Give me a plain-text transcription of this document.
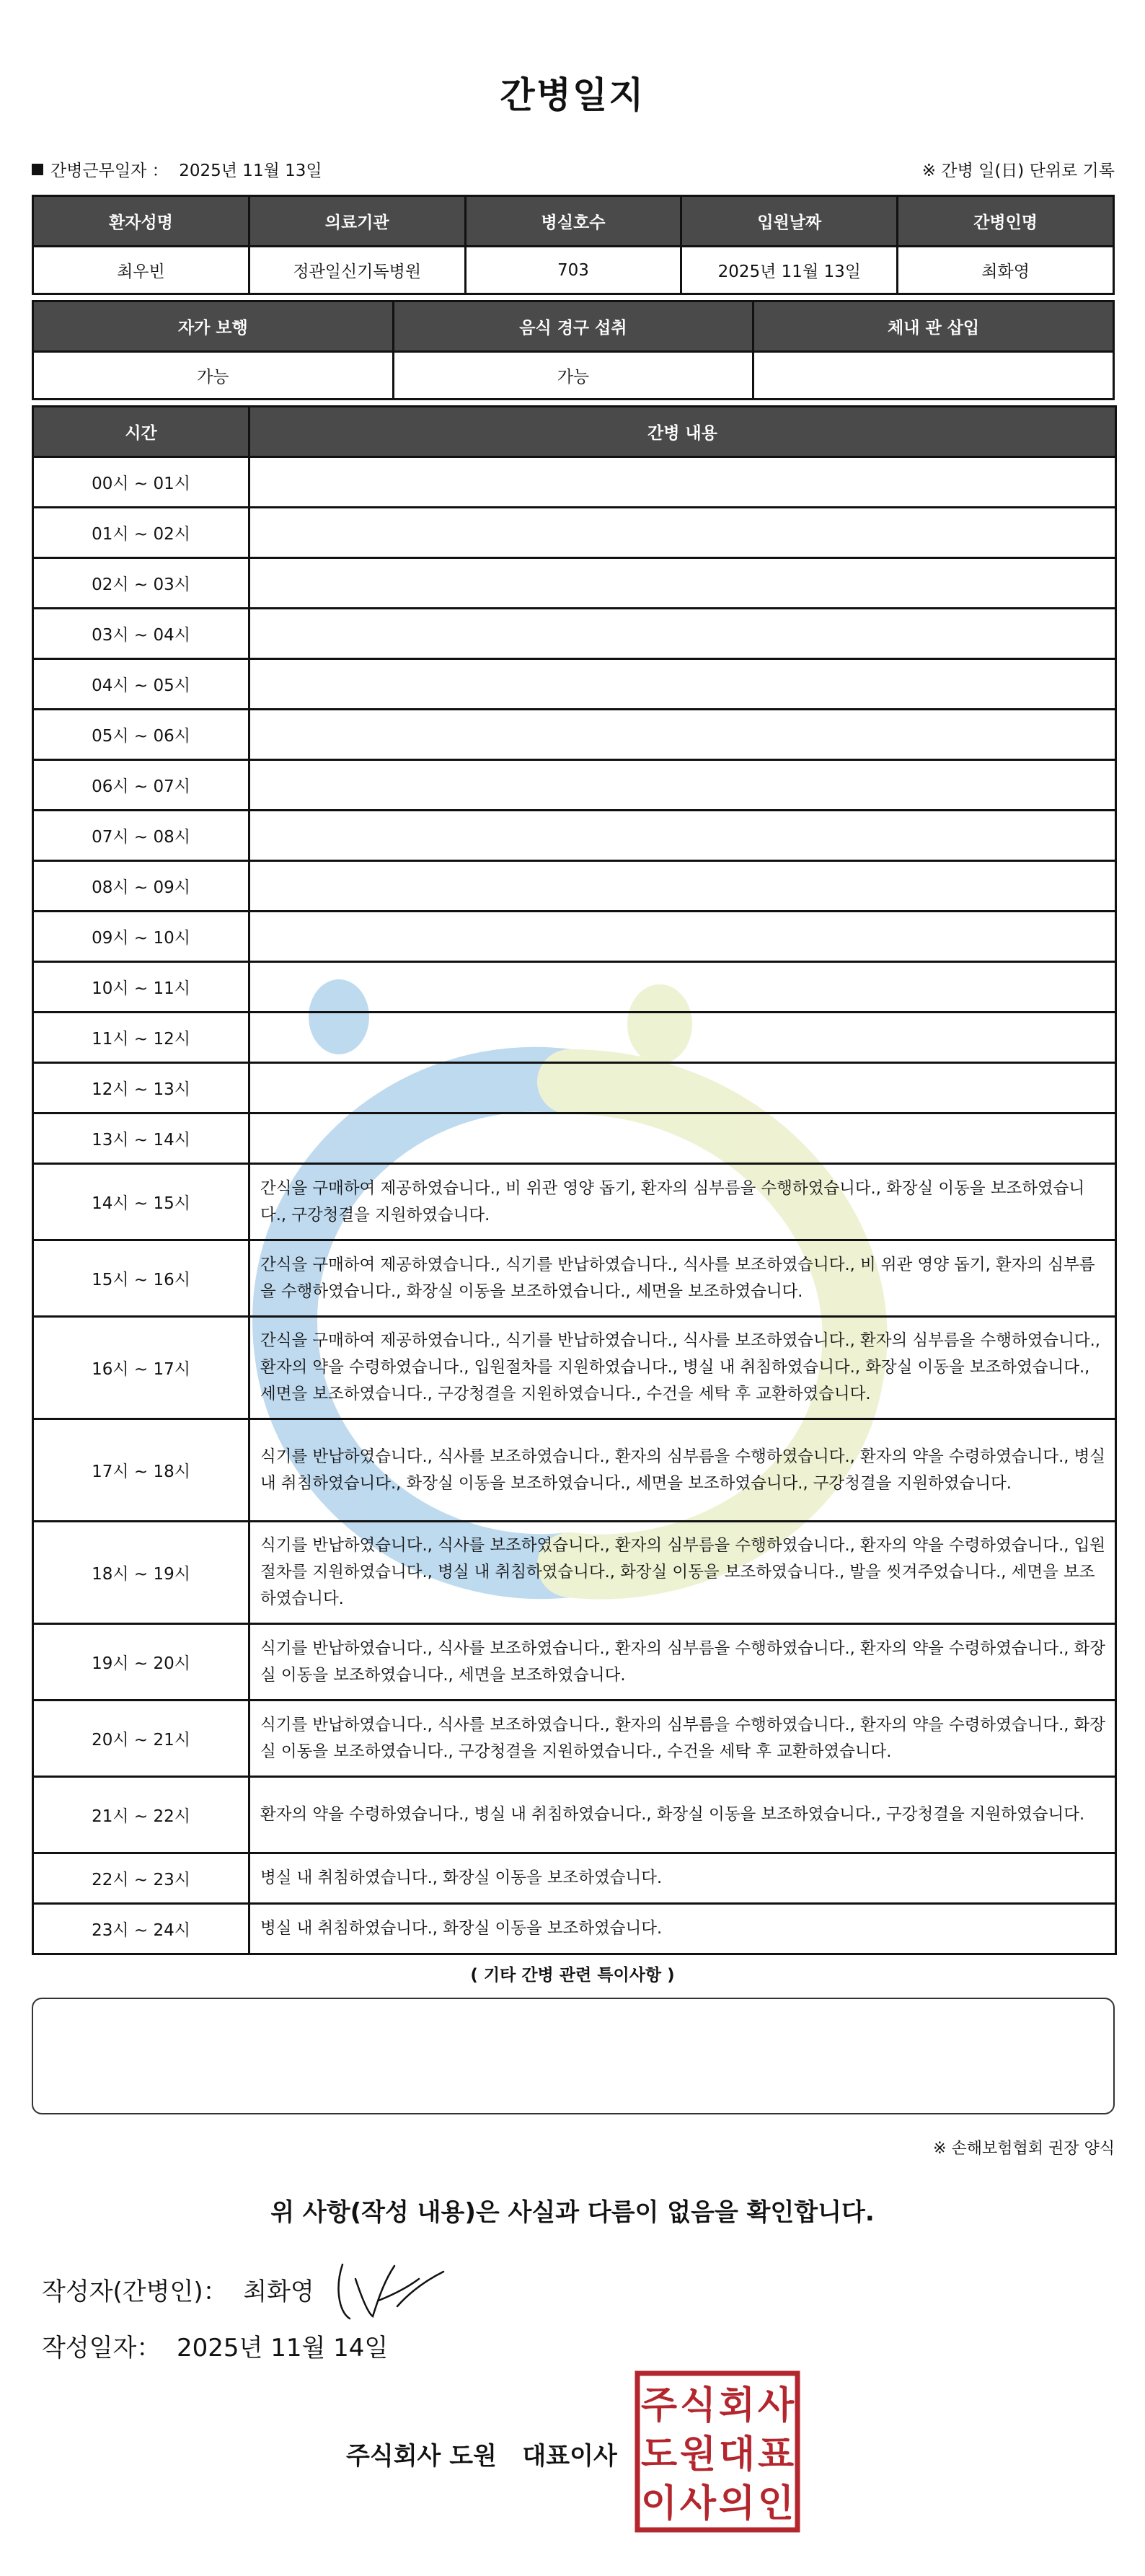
간병일지
간병근무일자 ： 2025년 11월 13일	※ 간병 일(日) 단위로 기록
환자성명	의료기관	병실호수	입원날짜	간병인명
최우빈	정관일신기독병원	703	2025년 11월 13일	최화영
자가 보행	음식 경구 섭취	체내 관 삽입
가능	가능	
시간	간병 내용
00시 ~ 01시	
01시 ~ 02시	
02시 ~ 03시	
03시 ~ 04시	
04시 ~ 05시	
05시 ~ 06시	
06시 ~ 07시	
07시 ~ 08시	
08시 ~ 09시	
09시 ~ 10시	
10시 ~ 11시	
11시 ~ 12시	
12시 ~ 13시	
13시 ~ 14시	
14시 ~ 15시	간식을 구매하여 제공하였습니다., 비 위관 영양 돕기, 환자의 심부름을 수행하였습니다., 화장실 이동을 보조하였습니다., 구강청결을 지원하였습니다.
15시 ~ 16시	간식을 구매하여 제공하였습니다., 식기를 반납하였습니다., 식사를 보조하였습니다., 비 위관 영양 돕기, 환자의 심부름을 수행하였습니다., 화장실 이동을 보조하였습니다., 세면을 보조하였습니다.
16시 ~ 17시	간식을 구매하여 제공하였습니다., 식기를 반납하였습니다., 식사를 보조하였습니다., 환자의 심부름을 수행하였습니다., 환자의 약을 수령하였습니다., 입원절차를 지원하였습니다., 병실 내 취침하였습니다., 화장실 이동을 보조하였습니다., 세면을 보조하였습니다., 구강청결을 지원하였습니다., 수건을 세탁 후 교환하였습니다.
17시 ~ 18시	식기를 반납하였습니다., 식사를 보조하였습니다., 환자의 심부름을 수행하였습니다., 환자의 약을 수령하였습니다., 병실 내 취침하였습니다., 화장실 이동을 보조하였습니다., 세면을 보조하였습니다., 구강청결을 지원하였습니다.
18시 ~ 19시	식기를 반납하였습니다., 식사를 보조하였습니다., 환자의 심부름을 수행하였습니다., 환자의 약을 수령하였습니다., 입원절차를 지원하였습니다., 병실 내 취침하였습니다., 화장실 이동을 보조하였습니다., 발을 씻겨주었습니다., 세면을 보조하였습니다.
19시 ~ 20시	식기를 반납하였습니다., 식사를 보조하였습니다., 환자의 심부름을 수행하였습니다., 환자의 약을 수령하였습니다., 화장실 이동을 보조하였습니다., 세면을 보조하였습니다.
20시 ~ 21시	식기를 반납하였습니다., 식사를 보조하였습니다., 환자의 심부름을 수행하였습니다., 환자의 약을 수령하였습니다., 화장실 이동을 보조하였습니다., 구강청결을 지원하였습니다., 수건을 세탁 후 교환하였습니다.
21시 ~ 22시	환자의 약을 수령하였습니다., 병실 내 취침하였습니다., 화장실 이동을 보조하였습니다., 구강청결을 지원하였습니다.
22시 ~ 23시	병실 내 취침하였습니다., 화장실 이동을 보조하였습니다.
23시 ~ 24시	병실 내 취침하였습니다., 화장실 이동을 보조하였습니다.
( 기타 간병 관련 특이사항 )
※ 손해보험협회 권장 양식
위 사항(작성 내용)은 사실과 다름이 없음을 확인합니다.
작성자(간병인)： 최화영
작성일자： 2025년 11월 14일
주식회사 도원 대표이사
주 식 회 사
도 원 대 표
이 사 의 인
